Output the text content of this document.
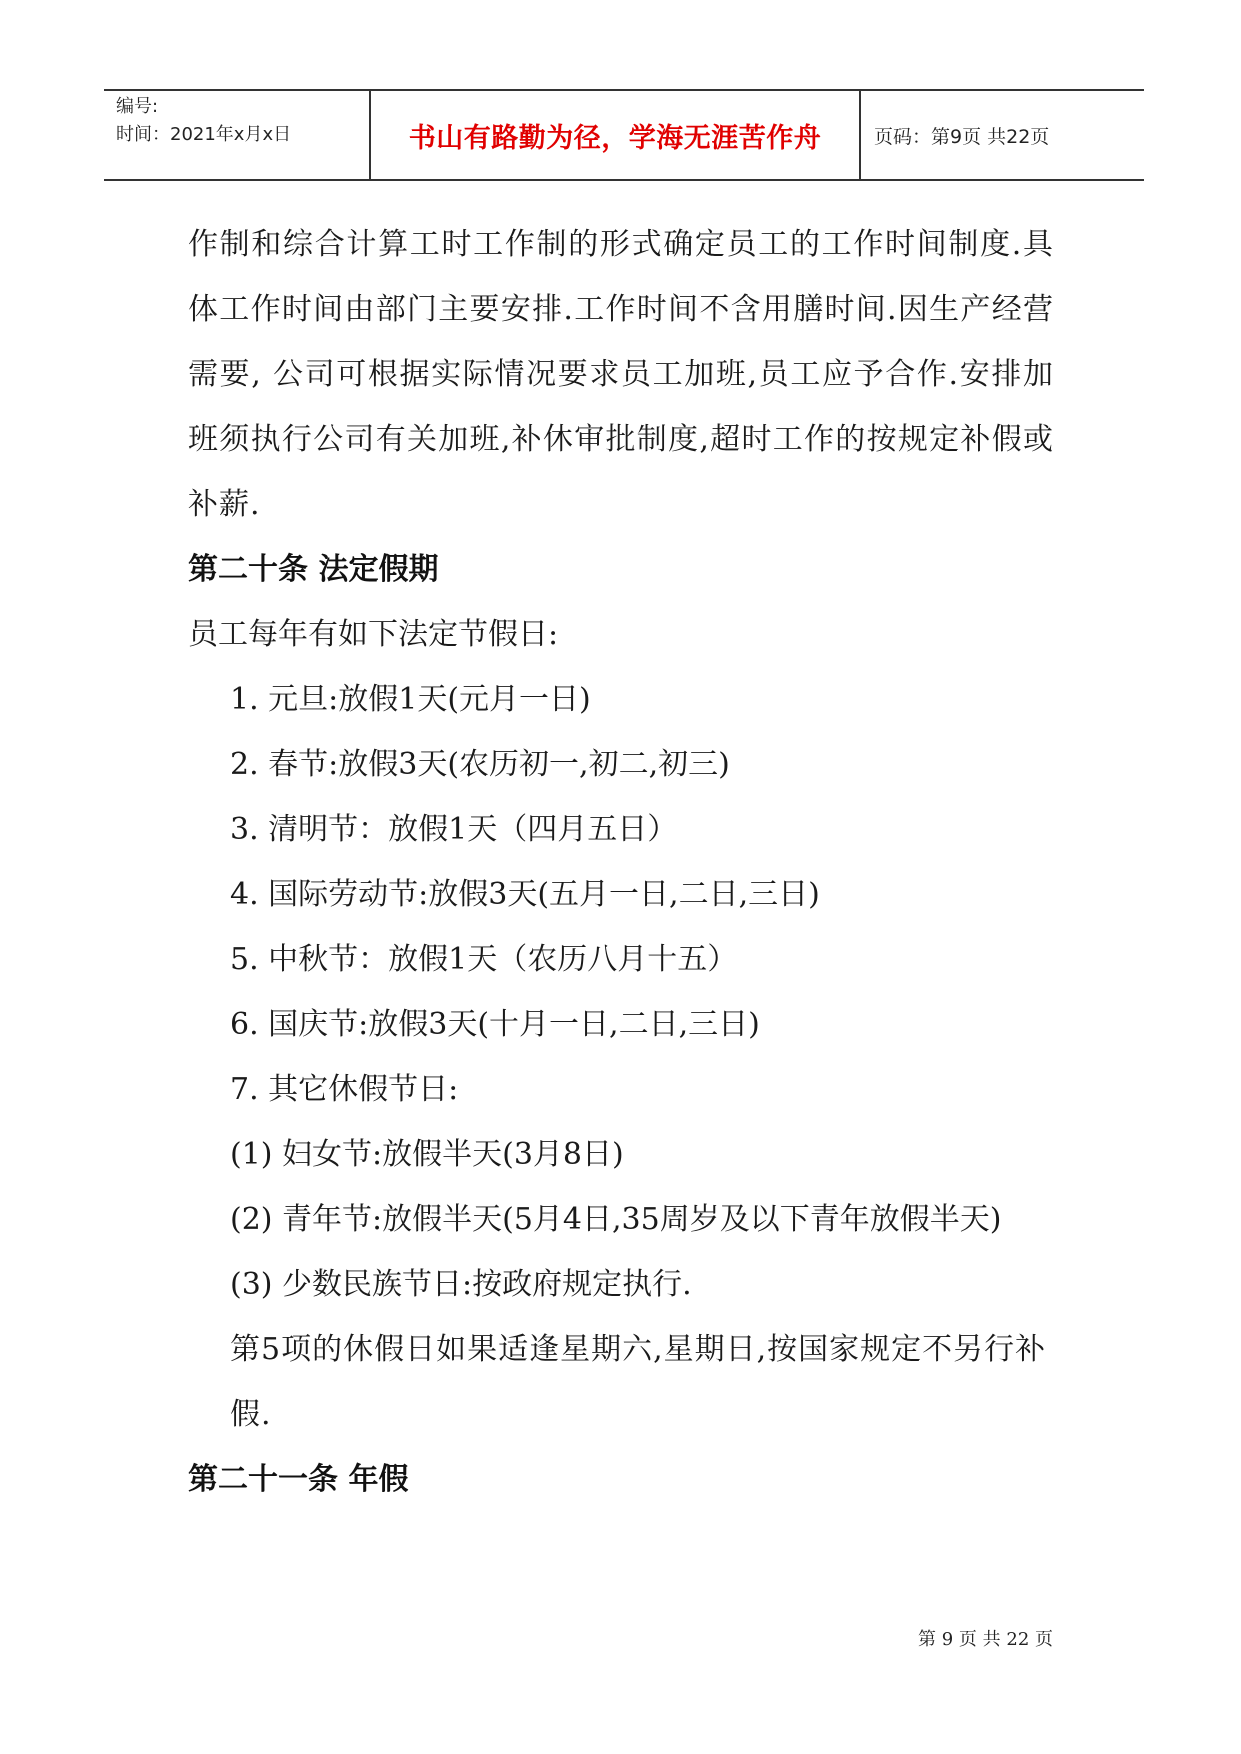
编号:
时间：2021年x月x日	书山有路勤为径，学海无涯苦作舟	页码：第9页 共22页

作制和综合计算工时工作制的形式确定员工的工作时间制度.具体工作时间由部门主要安排.工作时间不含用膳时间.因生产经营需要, 公司可根据实际情况要求员工加班,员工应予合作.安排加班须执行公司有关加班,补休审批制度,超时工作的按规定补假或补薪.

第二十条 法定假期

员工每年有如下法定节假日:

1. 元旦:放假1天(元月一日)

2. 春节:放假3天(农历初一,初二,初三)

3. 清明节：放假1天（四月五日）

4. 国际劳动节:放假3天(五月一日,二日,三日)

5. 中秋节：放假1天（农历八月十五）

6. 国庆节:放假3天(十月一日,二日,三日)

7. 其它休假节日:

(1) 妇女节:放假半天(3月8日)

(2) 青年节:放假半天(5月4日,35周岁及以下青年放假半天)

(3) 少数民族节日:按政府规定执行.

第5项的休假日如果适逢星期六,星期日,按国家规定不另行补假.

第二十一条 年假

第 9 页 共 22 页
